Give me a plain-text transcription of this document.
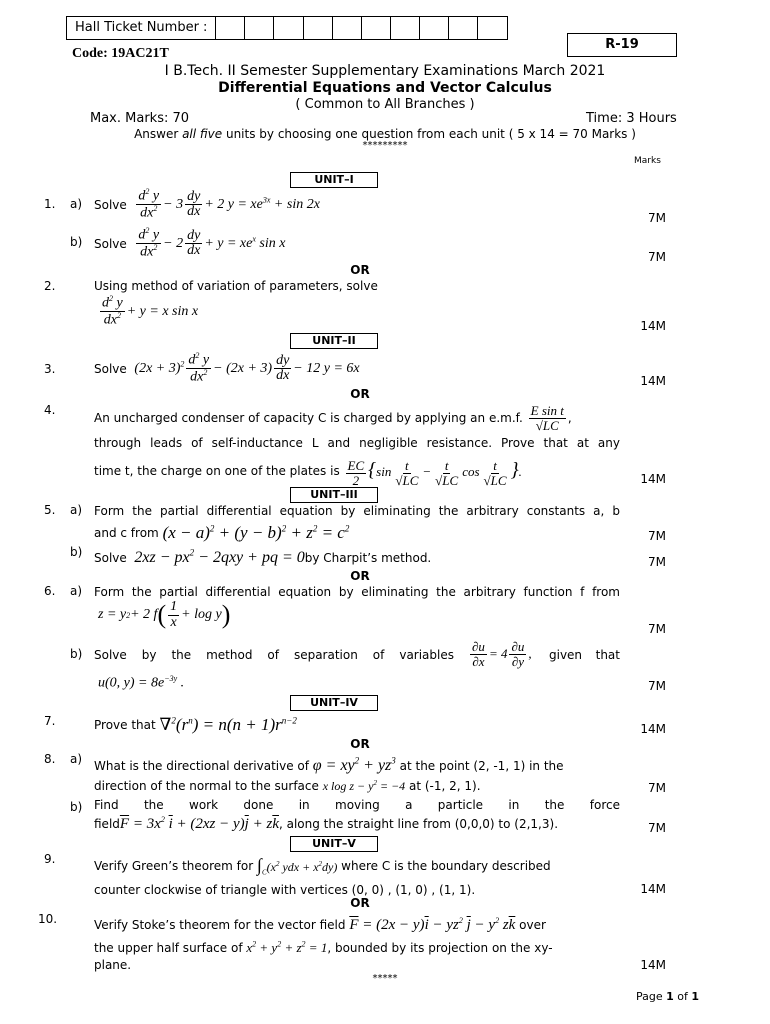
Hall Ticket Number :
R-19
Code: 19AC21T
I B.Tech. II Semester Supplementary Examinations March 2021
Differential Equations and Vector Calculus
( Common to All Branches )
Max. Marks: 70	Time: 3 Hours
Answer all five units by choosing one question from each unit ( 5 x 14 = 70 Marks )
*********
Marks
UNIT–I
1. a) Solve
$\frac{d^2 y}{dx^2} - 3 \frac{dy}{dx} + 2$ $y = xe^{3x} + \sin 2x$
7M
b) Solve
$\frac{d^2 y}{dx^2} - 2 \frac{dy}{dx} + y = xe^x$ sin x
7M
OR
2.	Using method of variation of parameters, solve
$\frac{d^2 y}{dx^2} + y = x$ sin x
14M
UNIT–II
3.	Solve
$(2x + 3)^2 \frac{d^2 y}{dx^2} - (2x + 3) \frac{dy}{dx} - 12$ y = 6x
14M
OR
4.
An uncharged condenser of capacity C is charged by applying an e.m.f.
$\frac{\text{E sin t}}{√LC}$ ,
through leads of self-inductance L and negligible resistance. Prove that at any
time t, the charge on one of the plates is
$\frac{EC}{2} \{\sin \frac{t}{√LC} - \frac{t}{√LC}$ $\cos \frac{t}{√LC}$ }.	14M
UNIT–III
5. a) Form the partial differential equation by eliminating the arbitrary constants a, b
and c from
$(x - a)^2 + (y - b)^2 + z^2 = c^2$
7M
b) Solve
$2xz - px^2 - 2qxy$ + pq = 0 by Charpit’s method.	7M
OR
6. a) Form the partial differential equation by eliminating the arbitrary function f from
z = y 2 + 2 f ( $\frac{1}{x} + \log y$ )	7M
b) Solve by the method of separation of variables $\frac{\partial u}{\partial x} = 4 \frac{\partial u}{\partial y}$ , given that
u(0, $y) = 8e^{-3y}$ .	7M
UNIT–IV
7.	Prove that
$\nabla^2(r^n) = n(n + 1)r^{n-2}$
14M
OR
8. a) What is the directional derivative of
$\varphi = xy^2 + yz^3$
at the point (2, -1, 1) in the
direction of the normal to the surface
x $\log z - y^2 = -4$
at (-1, 2, 1).	7M
b) Find the work done in moving a particle in the force
field $\overline{F} = 3x^2$ $\overline{i} + (2xz - y)\overline{j} + z\overline{k}$ , along the straight line from (0,0,0) to (2,1,3).	7M
UNIT–V
9.	Verify Green’s theorem for
$\int_C(x^2$ ydx + $x^2dy$)
where C is the boundary described
counter clockwise of triangle with vertices (0, 0) , (1, 0) , (1, 1).	14M
OR
10.	Verify Stoke’s theorem for the vector field
$\overline{F} = (2x - y)\overline{i} - yz^2$ $\overline{j} - y^2$ $z\overline{k}$
over
the upper half surface of
$x^2 + y^2 + z^2 = 1$ , bounded by its projection on the xy-
plane.	14M
*****
Page 1 of 1
